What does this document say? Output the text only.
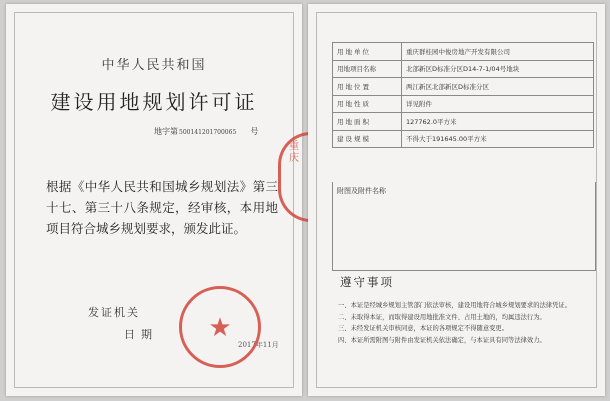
中华人民共和国
建设用地规划许可证
地字第500141201700065 号
根据《中华人民共和国城乡规划法》第三十七、第三十八条规定，经审核，本用地项目符合城乡规划要求，颁发此证。
发证机关
日期
2017年11月
★
重庆
用地单位	重庆群桂园中俊房地产开发有限公司
用地项目名称	北部新区D标准分区D14-7-1/04号地块
用地位置	两江新区北部新区D标准分区
用地性质	详见附件
用地面积	127762.0平方米
建设规模	不得大于191645.00平方米
附图及附件名称
遵守事项
一、本证是经城乡规划主管部门依法审核，建设用地符合城乡规划要求的法律凭证。
二、未取得本证，而取得建设用地批准文件、占用土地的，均属违法行为。
三、未经发证机关审核同意，本证的各项规定不得随意变更。
四、本证所需附图与附件由发证机关依法确定，与本证具有同等法律效力。
